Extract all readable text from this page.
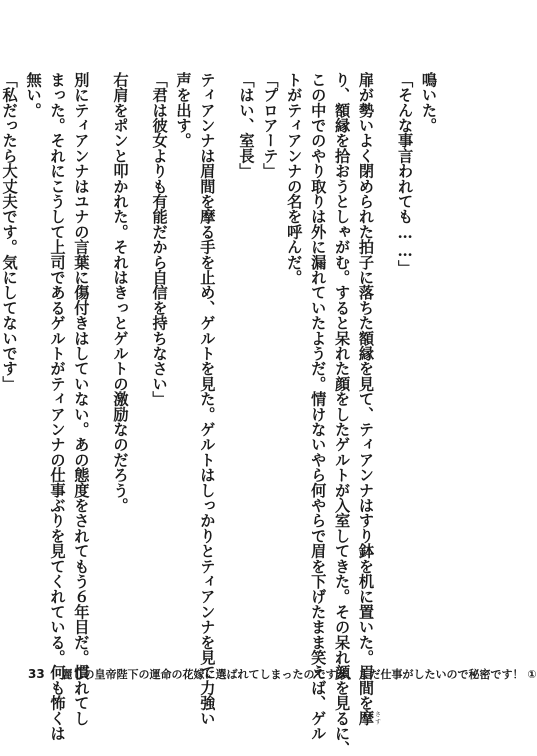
鳴いた。
「そんな事言われても……」
扉が勢いよく閉められた拍子に落ちた額縁を見て、ティアンナはすり鉢を机に置いた。眉間を摩さす
り、額縁を拾おうとしゃがむ。すると呆れた顔をしたゲルトが入室してきた。その呆れ顔を見るに、
この中でのやり取りは外に漏れていたようだ。情けないやら何やらで眉を下げたまま笑えば、ゲル
トがティアンナの名を呼んだ。
「プロアーテ」
「はい、室長」
ティアンナは眉間を摩る手を止め、ゲルトを見た。ゲルトはしっかりとティアンナを見て力強い
声を出す。
「君は彼女よりも有能だから自信を持ちなさい」
右肩をポンと叩かれた。それはきっとゲルトの激励なのだろう。
別にティアンナはユナの言葉に傷付きはしていない。あの態度をされてもう６年目だ。慣れてし
まった。それにこうして上司であるゲルトがティアンナの仕事ぶりを見てくれている。何も怖くは
無い。
「私だったら大丈夫です。気にしてないです」
33 麗しの皇帝陛下の運命の花嫁に選ばれてしまったのですが、まだ仕事がしたいので秘密です！ ①
